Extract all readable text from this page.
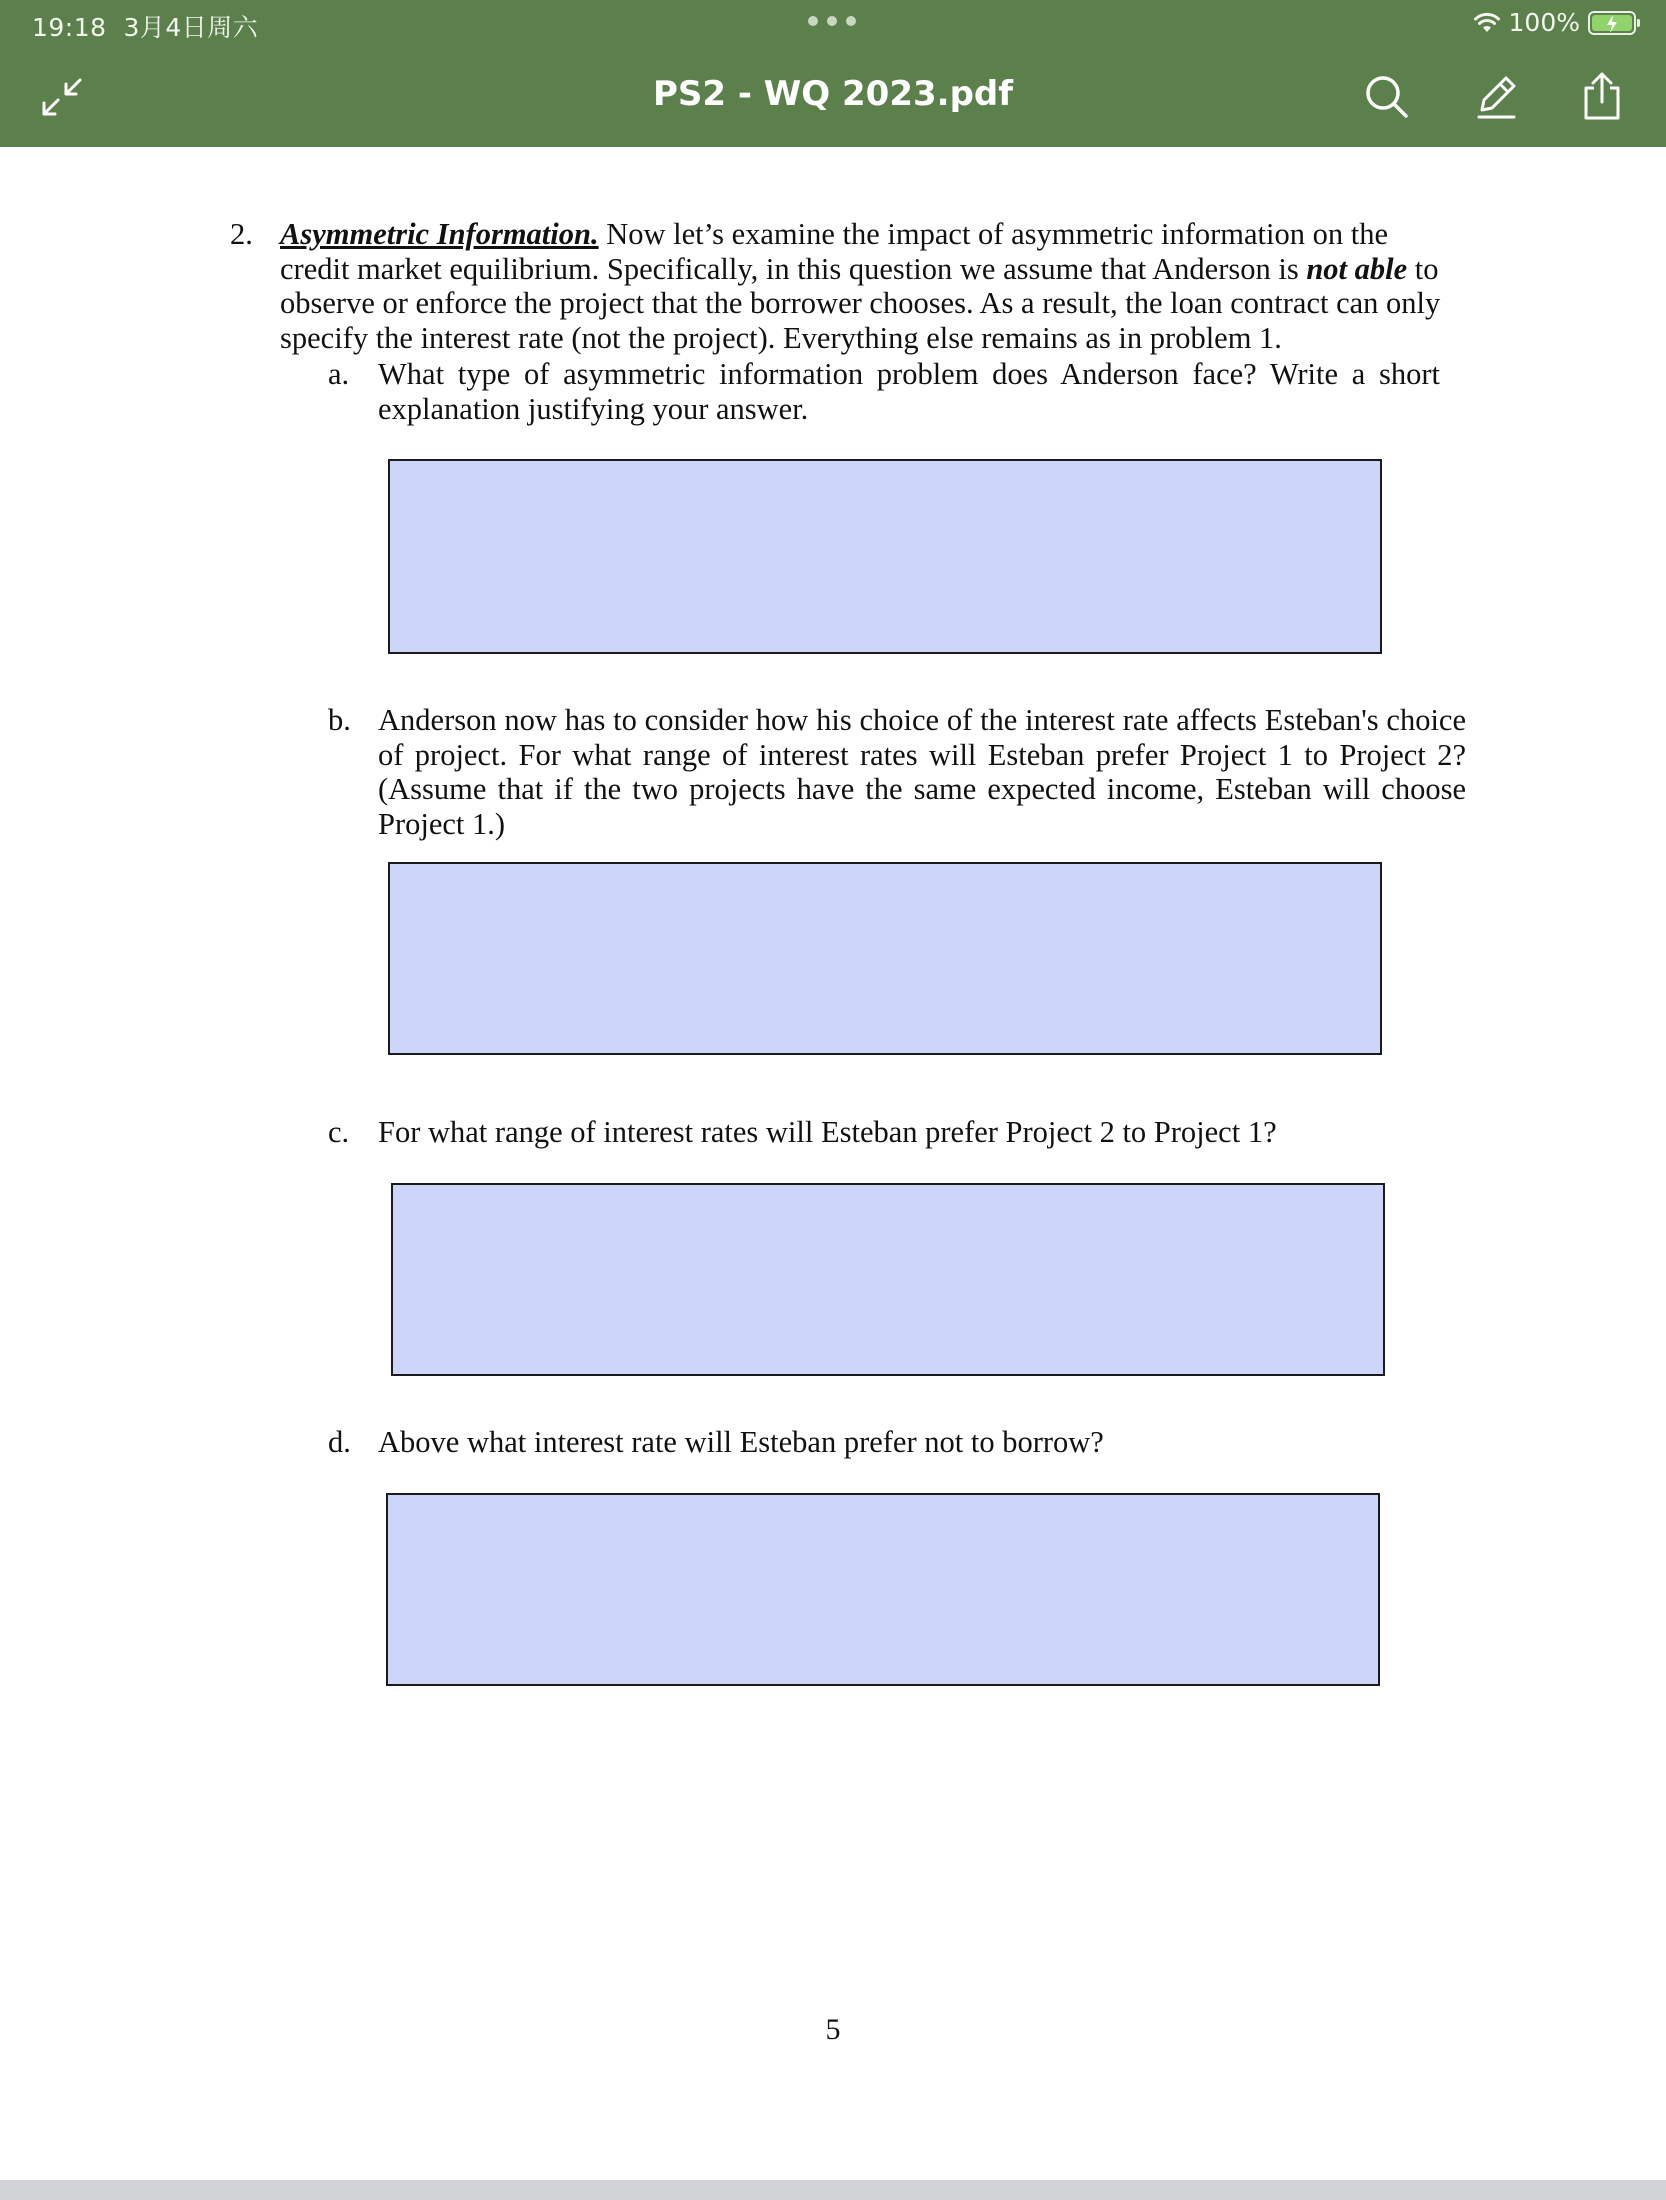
19:18 3月4日周六	100%
PS2 - WQ 2023.pdf
2. Asymmetric Information. Now let’s examine the impact of asymmetric information on the credit market equilibrium. Specifically, in this question we assume that Anderson is not able to observe or enforce the project that the borrower chooses. As a result, the loan contract can only specify the interest rate (not the project). Everything else remains as in problem 1.
a. What type of asymmetric information problem does Anderson face? Write a short explanation justifying your answer.
b. Anderson now has to consider how his choice of the interest rate affects Esteban's choice of project. For what range of interest rates will Esteban prefer Project 1 to Project 2? (Assume that if the two projects have the same expected income, Esteban will choose Project 1.)
c. For what range of interest rates will Esteban prefer Project 2 to Project 1?
d. Above what interest rate will Esteban prefer not to borrow?
5
